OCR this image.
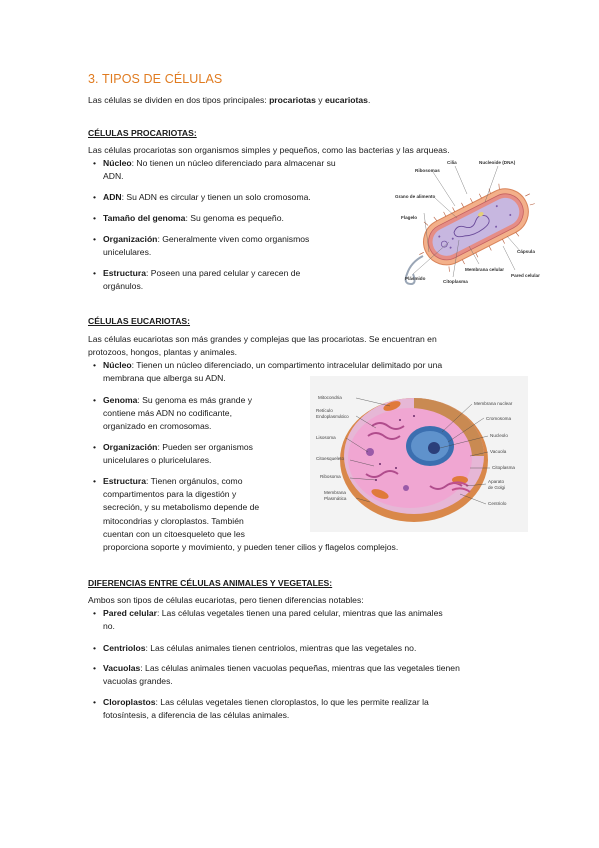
3. TIPOS DE CÉLULAS
Las células se dividen en dos tipos principales: procariotas y eucariotas.
CÉLULAS PROCARIOTAS:
Las células procariotas son organismos simples y pequeños, como las bacterias y las arqueas.
• Núcleo: No tienen un núcleo diferenciado para almacenar su
ADN.
• ADN: Su ADN es circular y tienen un solo cromosoma.
• Tamaño del genoma: Su genoma es pequeño.
• Organización: Generalmente viven como organismos
unicelulares.
• Estructura: Poseen una pared celular y carecen de
orgánulos.
Ribosomas
Cilia	Nucleoide (DNA)
Grano de alimento
Flagelo
Cápsula
Membrana celular
Pared celular
Plásmido
Citoplasma
CÉLULAS EUCARIOTAS:
Las células eucariotas son más grandes y complejas que las procariotas. Se encuentran en
protozoos, hongos, plantas y animales.
• Núcleo: Tienen un núcleo diferenciado, un compartimento intracelular delimitado por una
membrana que alberga su ADN.
• Genoma: Su genoma es más grande y
contiene más ADN no codificante,
organizado en cromosomas.
• Organización: Pueden ser organismos
unicelulares o pluricelulares.
• Estructura: Tienen orgánulos, como
compartimentos para la digestión y
secreción, y su metabolismo depende de
mitocondrias y cloroplastos. También
cuentan con un citoesqueleto que les
proporciona soporte y movimiento, y pueden tener cilios y flagelos complejos.
Mitocondria
Retículo
Endoplasmático
Lisosoma
Citoesqueleto
Ribosoma
Membrana
Plasmática
Membrana nuclear
Cromosoma
Nucleolo
Vacuola
Citoplasma
Aparato
de Golgi
Centriolo
DIFERENCIAS ENTRE CÉLULAS ANIMALES Y VEGETALES:
Ambos son tipos de células eucariotas, pero tienen diferencias notables:
• Pared celular: Las células vegetales tienen una pared celular, mientras que las animales
no.
• Centriolos: Las células animales tienen centriolos, mientras que las vegetales no.
• Vacuolas: Las células animales tienen vacuolas pequeñas, mientras que las vegetales tienen
vacuolas grandes.
• Cloroplastos: Las células vegetales tienen cloroplastos, lo que les permite realizar la
fotosíntesis, a diferencia de las células animales.
